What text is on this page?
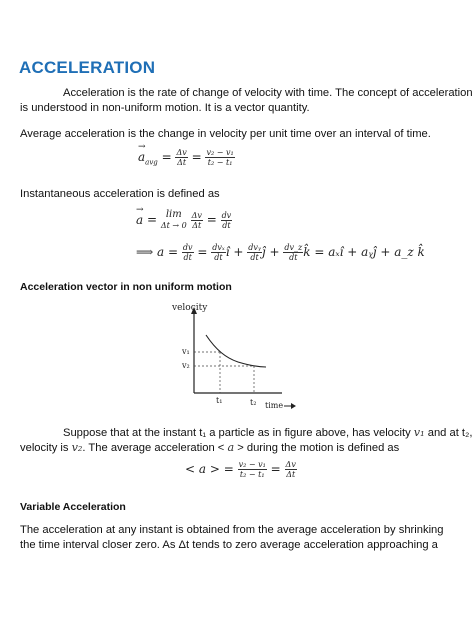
ACCELERATION
Acceleration is the rate of change of velocity with time. The concept of acceleration
is understood in non-uniform motion. It is a vector quantity.
Average acceleration is the change in velocity per unit time over an interval of time.
→
$a_{avg} = \frac{\Delta v}{\Delta t} = \frac{\text{v₂ − v₁}}{\text{t₂ − t₁}}$
Instantaneous acceleration is defined as
→
a = lim
Δt → 0
$\frac{\Delta v}{\Delta t} = \frac{dv}{dt}$
⟹ $a = \frac{dv}{dt} = \frac{\text{dvₓ}}{dt}$ î + $\frac{\text{dvᵧ}}{dt}$ ĵ + $\frac{dv\_z}{dt}$ k̂ = aₓî + aᵧĵ + a_z k̂
Acceleration vector in non uniform motion
velocity
v₁
v₂
t₁	t₂ time
Suppose that at the instant t₁ a particle as in figure above, has velocity v₁ and at t₂,
velocity is v₂. The average acceleration < a > during the motion is defined as
< a > = $\frac{\text{v₂ − v₁}}{\text{t₂ − t₁}} = \frac{\Delta v}{\Delta t}$
Variable Acceleration
The acceleration at any instant is obtained from the average acceleration by shrinking
the time interval closer zero. As Δt tends to zero average acceleration approaching a
